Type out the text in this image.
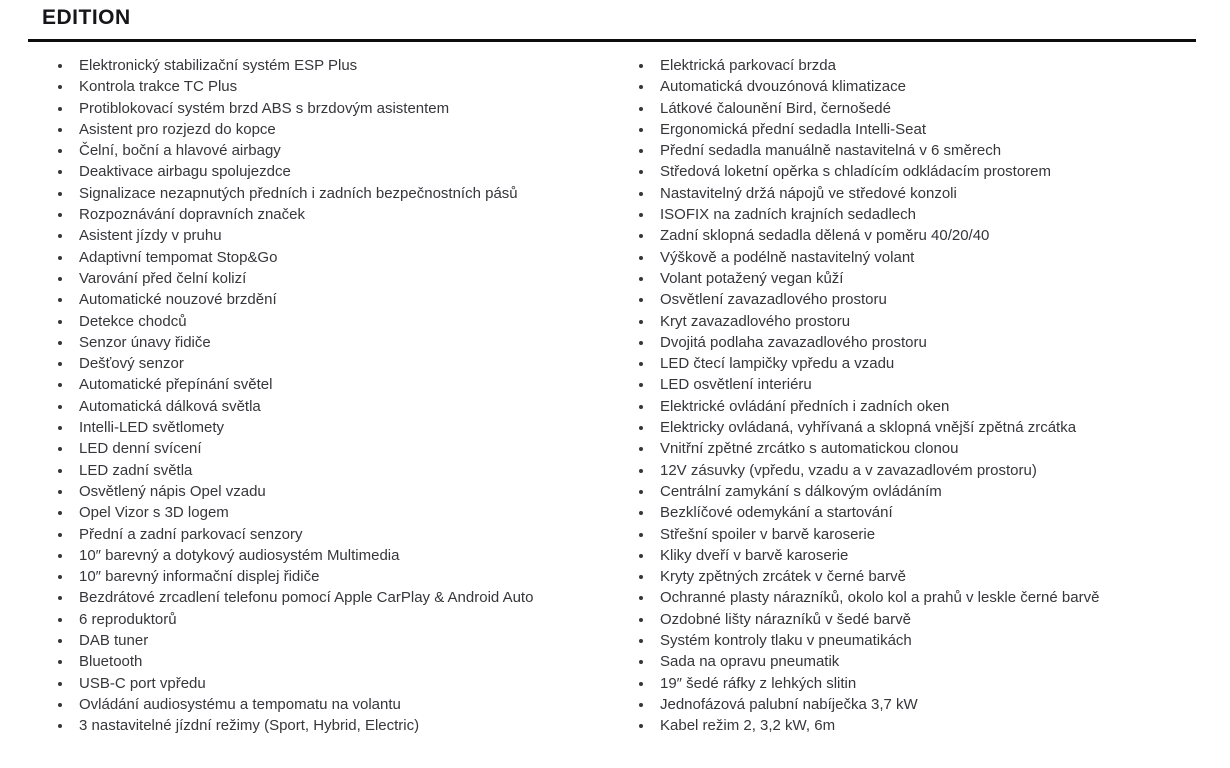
EDITION
Elektronický stabilizační systém ESP Plus
Kontrola trakce TC Plus
Protiblokovací systém brzd ABS s brzdovým asistentem
Asistent pro rozjezd do kopce
Čelní, boční a hlavové airbagy
Deaktivace airbagu spolujezdce
Signalizace nezapnutých předních i zadních bezpečnostních pásů
Rozpoznávání dopravních značek
Asistent jízdy v pruhu
Adaptivní tempomat Stop&Go
Varování před čelní kolizí
Automatické nouzové brzdění
Detekce chodců
Senzor únavy řidiče
Dešťový senzor
Automatické přepínání světel
Automatická dálková světla
Intelli-LED světlomety
LED denní svícení
LED zadní světla
Osvětlený nápis Opel vzadu
Opel Vizor s 3D logem
Přední a zadní parkovací senzory
10″ barevný a dotykový audiosystém Multimedia
10″ barevný informační displej řidiče
Bezdrátové zrcadlení telefonu pomocí Apple CarPlay & Android Auto
6 reproduktorů
DAB tuner
Bluetooth
USB-C port vpředu
Ovládání audiosystému a tempomatu na volantu
3 nastavitelné jízdní režimy (Sport, Hybrid, Electric)
Elektrická parkovací brzda
Automatická dvouzónová klimatizace
Látkové čalounění Bird, černošedé
Ergonomická přední sedadla Intelli-Seat
Přední sedadla manuálně nastavitelná v 6 směrech
Středová loketní opěrka s chladícím odkládacím prostorem
Nastavitelný držá nápojů ve středové konzoli
ISOFIX na zadních krajních sedadlech
Zadní sklopná sedadla dělená v poměru 40/20/40
Výškově a podélně nastavitelný volant
Volant potažený vegan kůží
Osvětlení zavazadlového prostoru
Kryt zavazadlového prostoru
Dvojitá podlaha zavazadlového prostoru
LED čtecí lampičky vpředu a vzadu
LED osvětlení interiéru
Elektrické ovládání předních i zadních oken
Elektricky ovládaná, vyhřívaná a sklopná vnější zpětná zrcátka
Vnitřní zpětné zrcátko s automatickou clonou
12V zásuvky (vpředu, vzadu a v zavazadlovém prostoru)
Centrální zamykání s dálkovým ovládáním
Bezklíčové odemykání a startování
Střešní spoiler v barvě karoserie
Kliky dveří v barvě karoserie
Kryty zpětných zrcátek v černé barvě
Ochranné plasty nárazníků, okolo kol a prahů v leskle černé barvě
Ozdobné lišty nárazníků v šedé barvě
Systém kontroly tlaku v pneumatikách
Sada na opravu pneumatik
19″ šedé ráfky z lehkých slitin
Jednofázová palubní nabíječka 3,7 kW
Kabel režim 2, 3,2 kW, 6m
